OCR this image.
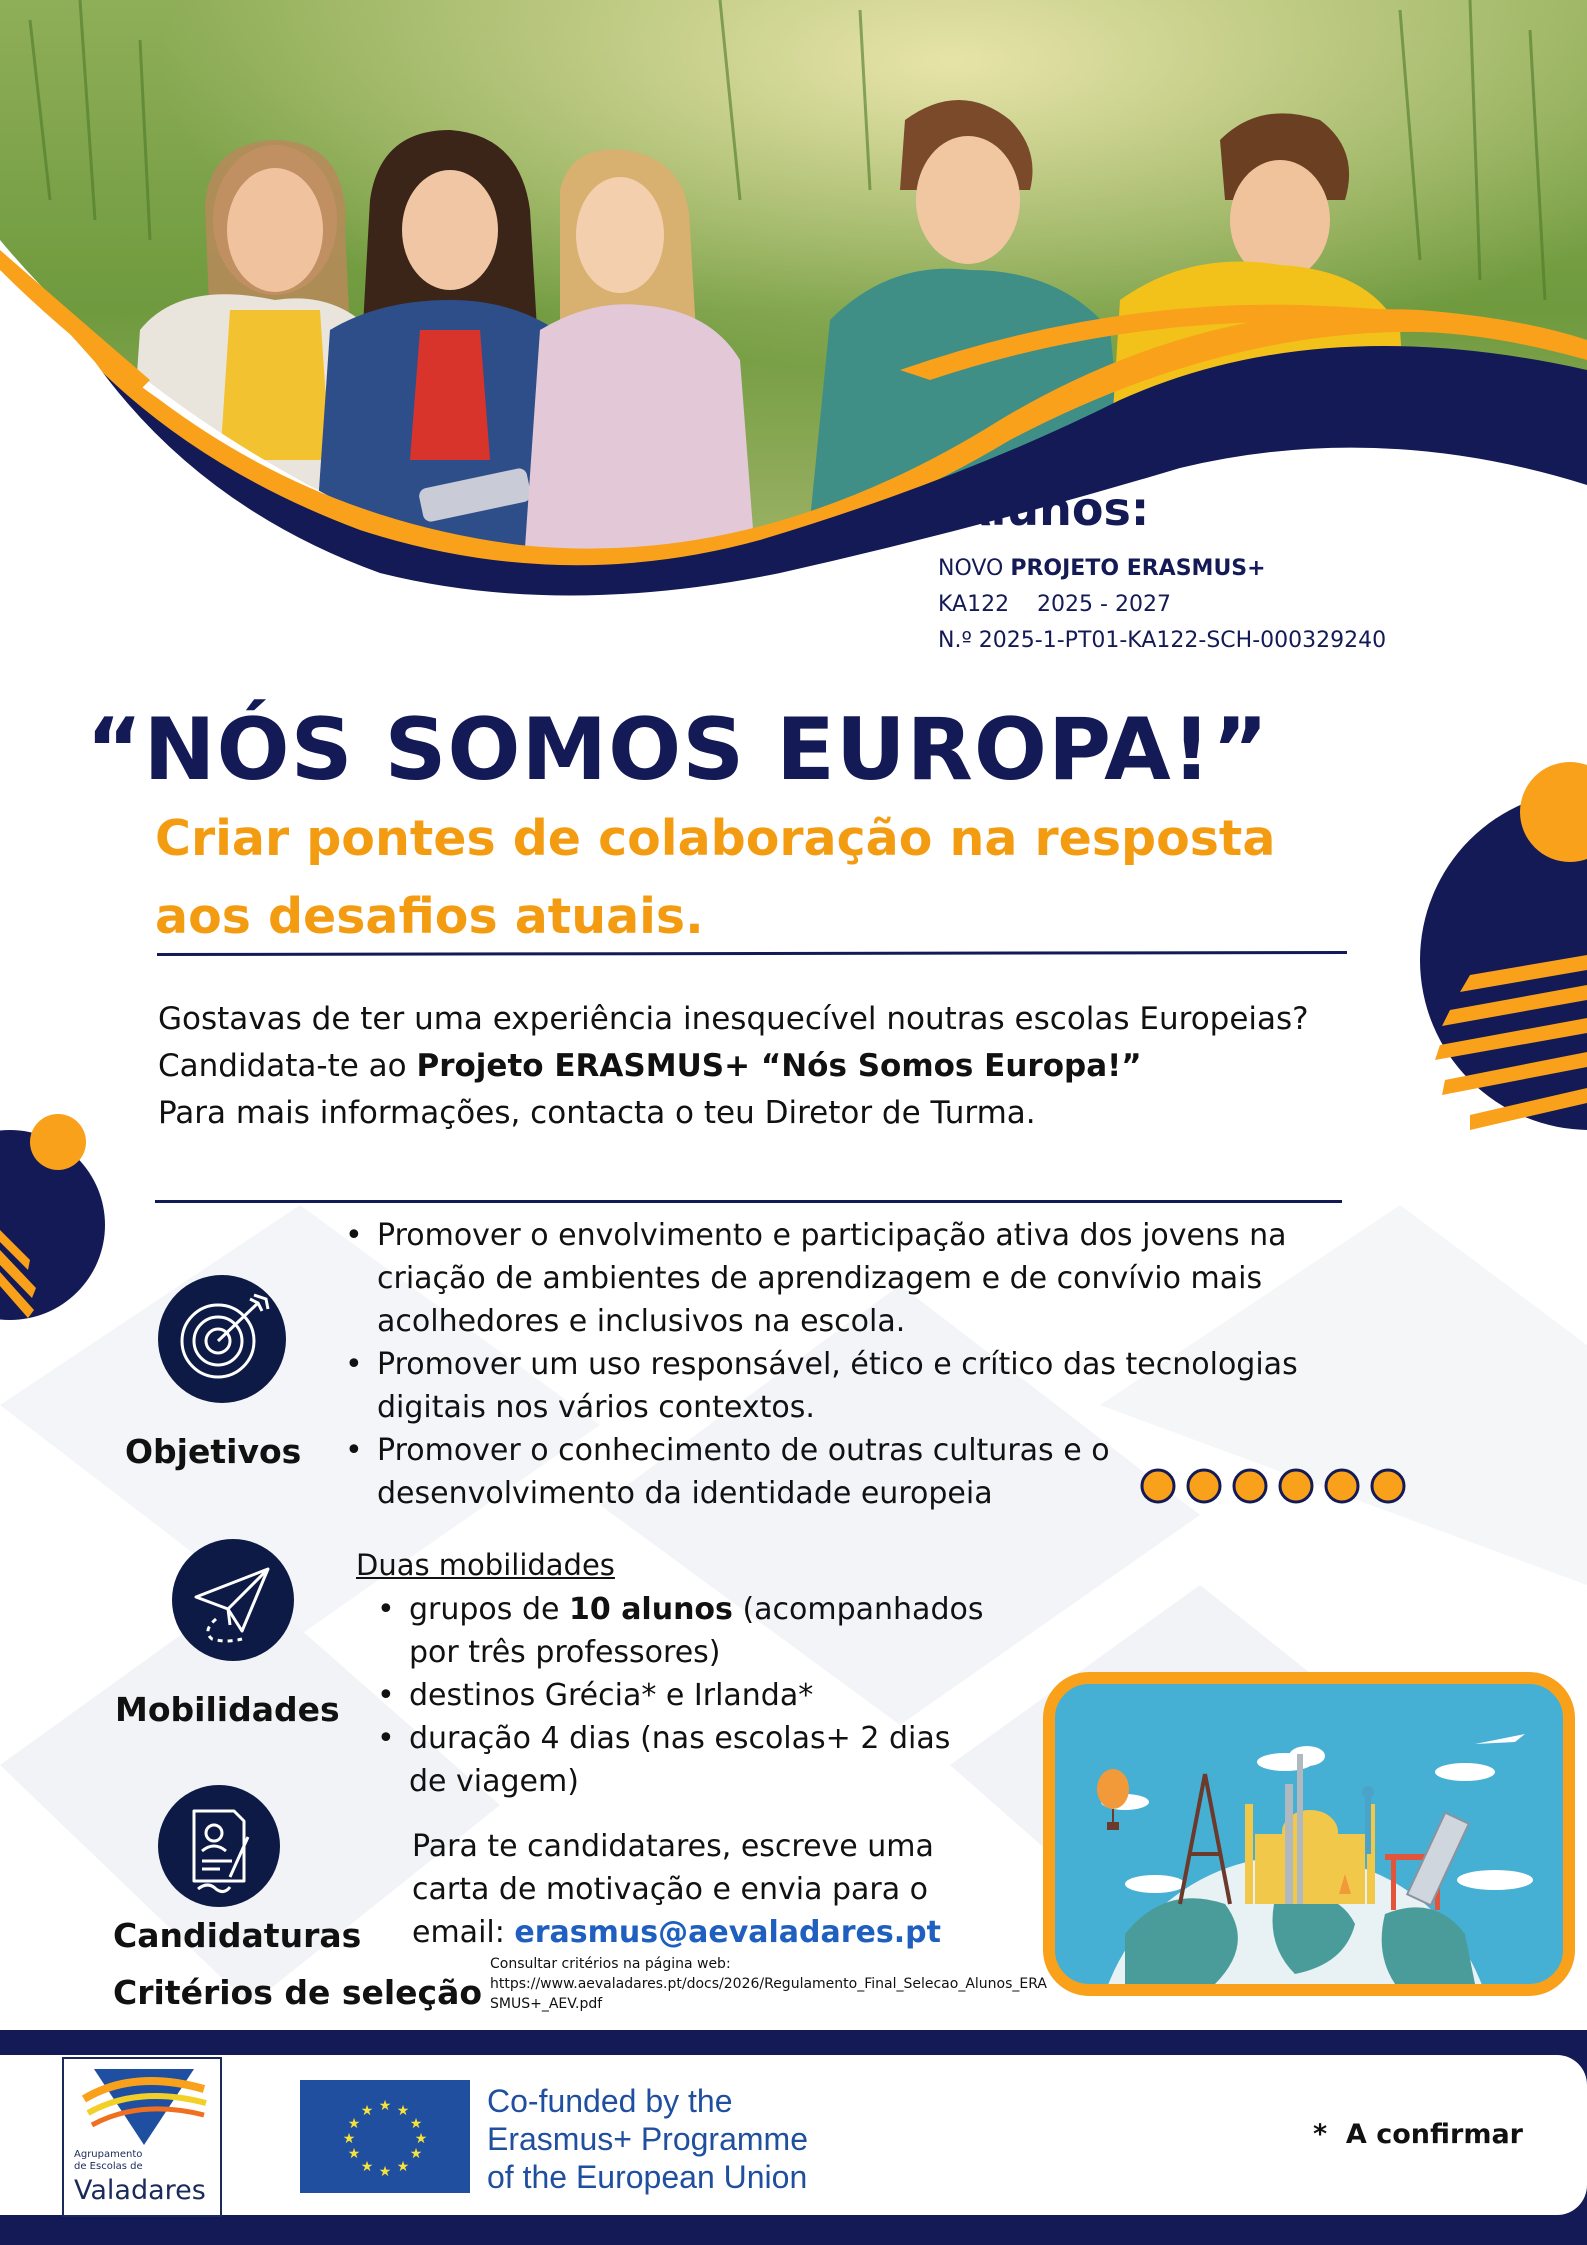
Alunos:
NOVO PROJETO ERASMUS+
KA122    2025 - 2027
N.º 2025-1-PT01-KA122-SCH-000329240
“NÓS SOMOS EUROPA!”
Criar pontes de colaboração na resposta
aos desafios atuais.
Gostavas de ter uma experiência inesquecível noutras escolas Europeias?
Candidata-te ao Projeto ERASMUS+ “Nós Somos Europa!”
Para mais informações, contacta o teu Diretor de Turma.
Objetivos
• Promover o envolvimento e participação ativa dos jovens na criação de ambientes de aprendizagem e de convívio mais acolhedores e inclusivos na escola.
• Promover um uso responsável, ético e crítico das tecnologias digitais nos vários contextos.
• Promover o conhecimento de outras culturas e o desenvolvimento da identidade europeia
Mobilidades
Duas mobilidades
• grupos de 10 alunos (acompanhados por três professores)
• destinos Grécia* e Irlanda*
• duração 4 dias (nas escolas+ 2 dias de viagem)
Candidaturas
Para te candidatares, escreve uma carta de motivação e envia para o
email: erasmus@aevaladares.pt
Critérios de seleção
Consultar critérios na página web:
https://www.aevaladares.pt/docs/2026/Regulamento_Final_Selecao_Alunos_ERASMUS+_AEV.pdf
Agrupamento
de Escolas de
Valadares
★ ★
★
★
★
★
★
★
★
★
★
★	Co-funded by the
Erasmus+ Programme
of the European Union
*  A confirmar
